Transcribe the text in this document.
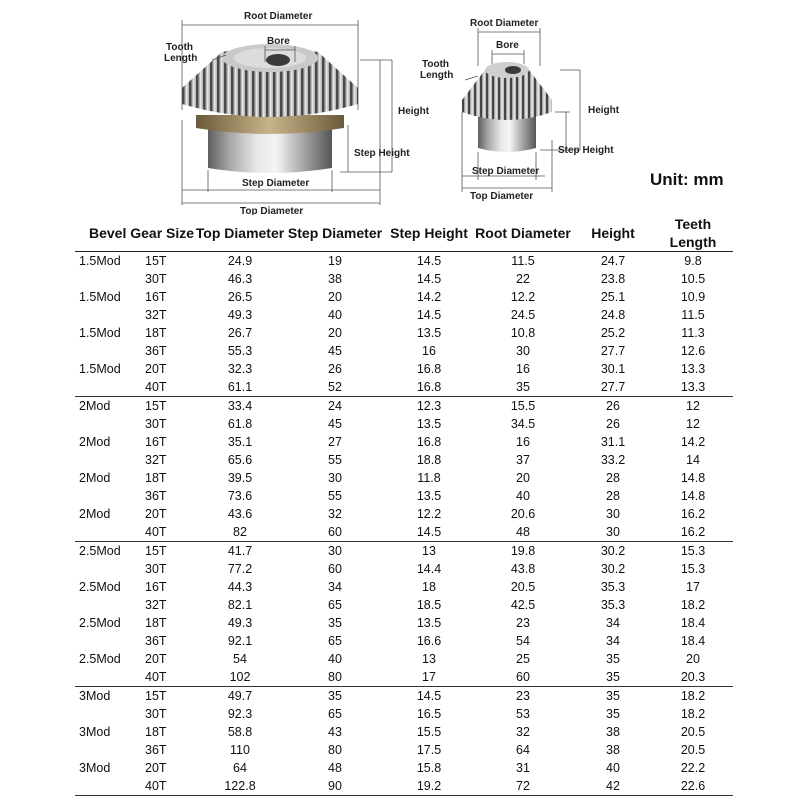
Root Diameter
Bore
Tooth
Length
Height
Step Height
Step Diameter
Top Diameter
Root Diameter
Bore
Tooth
Length
Height
Step Height
Step Diameter
Top Diameter
Unit: mm
Bevel Gear Size		Top Diameter	Step Diameter	Step Height	Root Diameter	Height	Teeth Length
1.5Mod	15T	24.9	19	14.5	11.5	24.7	9.8
	30T	46.3	38	14.5	22	23.8	10.5
1.5Mod	16T	26.5	20	14.2	12.2	25.1	10.9
	32T	49.3	40	14.5	24.5	24.8	11.5
1.5Mod	18T	26.7	20	13.5	10.8	25.2	11.3
	36T	55.3	45	16	30	27.7	12.6
1.5Mod	20T	32.3	26	16.8	16	30.1	13.3
	40T	61.1	52	16.8	35	27.7	13.3
2Mod	15T	33.4	24	12.3	15.5	26	12
	30T	61.8	45	13.5	34.5	26	12
2Mod	16T	35.1	27	16.8	16	31.1	14.2
	32T	65.6	55	18.8	37	33.2	14
2Mod	18T	39.5	30	11.8	20	28	14.8
	36T	73.6	55	13.5	40	28	14.8
2Mod	20T	43.6	32	12.2	20.6	30	16.2
	40T	82	60	14.5	48	30	16.2
2.5Mod	15T	41.7	30	13	19.8	30.2	15.3
	30T	77.2	60	14.4	43.8	30.2	15.3
2.5Mod	16T	44.3	34	18	20.5	35.3	17
	32T	82.1	65	18.5	42.5	35.3	18.2
2.5Mod	18T	49.3	35	13.5	23	34	18.4
	36T	92.1	65	16.6	54	34	18.4
2.5Mod	20T	54	40	13	25	35	20
	40T	102	80	17	60	35	20.3
3Mod	15T	49.7	35	14.5	23	35	18.2
	30T	92.3	65	16.5	53	35	18.2
3Mod	18T	58.8	43	15.5	32	38	20.5
	36T	110	80	17.5	64	38	20.5
3Mod	20T	64	48	15.8	31	40	22.2
	40T	122.8	90	19.2	72	42	22.6
